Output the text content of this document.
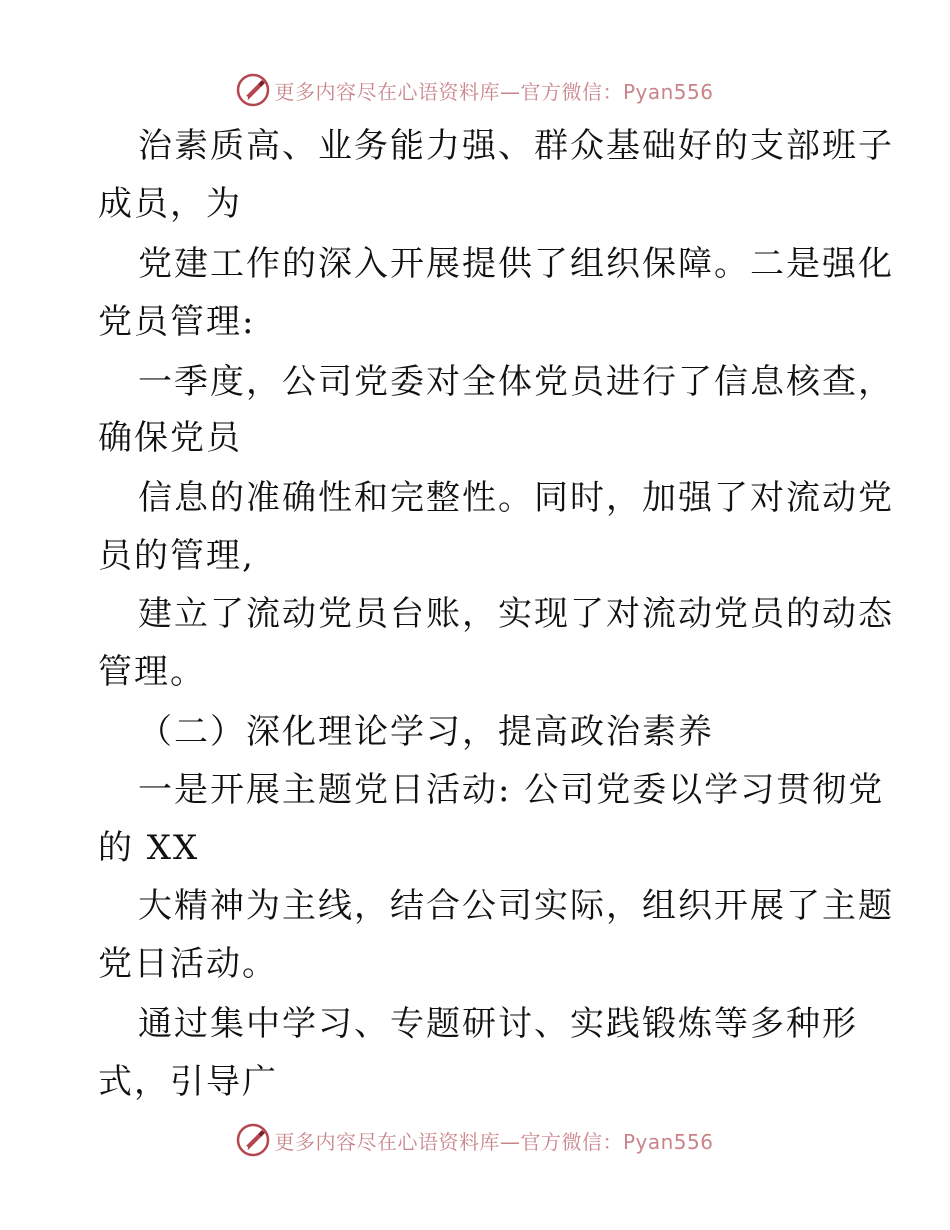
更多内容尽在心语资料库—官方微信：Pyan556
治素质高、业务能力强、群众基础好的支部班子
成员，为
党建工作的深入开展提供了组织保障。二是强化
党员管理:
一季度，公司党委对全体党员进行了信息核查，
确保党员
信息的准确性和完整性。同时，加强了对流动党
员的管理,
建立了流动党员台账，实现了对流动党员的动态
管理。
（二）深化理论学习，提高政治素养
一是开展主题党日活动: 公司党委以学习贯彻党
的 XX
大精神为主线，结合公司实际，组织开展了主题
党日活动。
通过集中学习、专题研讨、实践锻炼等多种形
式，引导广
更多内容尽在心语资料库—官方微信：Pyan556
